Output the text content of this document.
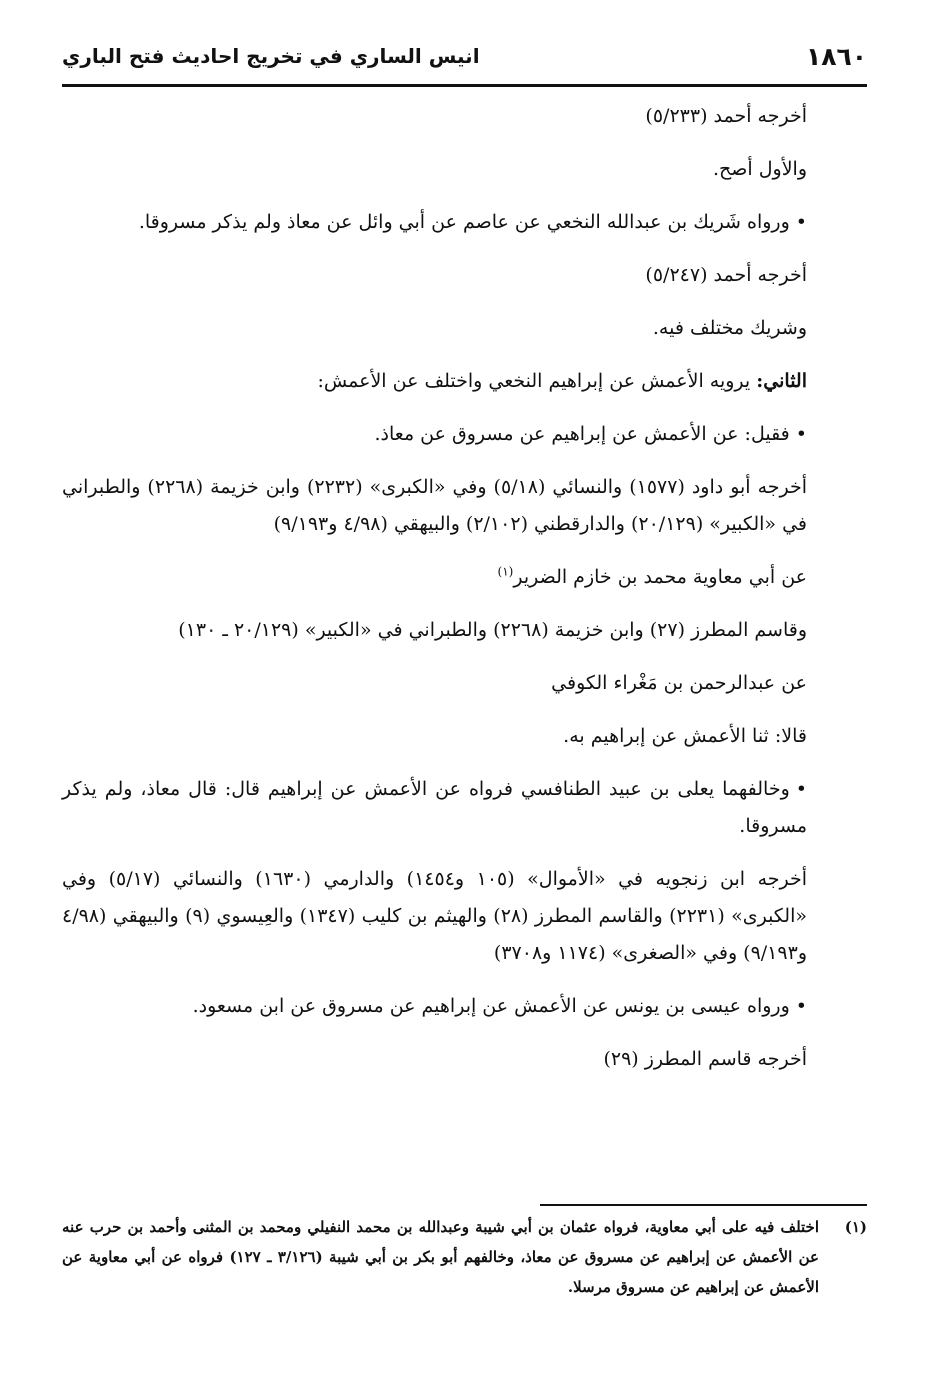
١٨٦٠
انيس الساري في تخريج احاديث فتح الباري

أخرجه أحمد (٥/٢٣٣)

والأول أصح.

•ورواه شَريك بن عبدالله النخعي عن عاصم عن أبي وائل عن معاذ ولم يذكر مسروقا.

أخرجه أحمد (٥/٢٤٧)

وشريك مختلف فيه.

الثاني: يرويه الأعمش عن إبراهيم النخعي واختلف عن الأعمش:

•فقيل: عن الأعمش عن إبراهيم عن مسروق عن معاذ.

أخرجه أبو داود (١٥٧٧) والنسائي (٥/١٨) وفي «الكبرى» (٢٢٣٢) وابن خزيمة (٢٢٦٨) والطبراني في «الكبير» (٢٠/١٢٩) والدارقطني (٢/١٠٢) والبيهقي (٤/٩٨ و٩/١٩٣)

عن أبي معاوية محمد بن خازم الضرير$^{(١)}$

وقاسم المطرز (٢٧) وابن خزيمة (٢٢٦٨) والطبراني في «الكبير» (٢٠/١٢٩ ـ ١٣٠)

عن عبدالرحمن بن مَغْراء الكوفي

قالا: ثنا الأعمش عن إبراهيم به.

•وخالفهما يعلى بن عبيد الطنافسي فرواه عن الأعمش عن إبراهيم قال: قال معاذ، ولم يذكر مسروقا.

أخرجه ابن زنجويه في «الأموال» (١٠٥ و١٤٥٤) والدارمي (١٦٣٠) والنسائي (٥/١٧) وفي «الكبرى» (٢٢٣١) والقاسم المطرز (٢٨) والهيثم بن كليب (١٣٤٧) والعِيسوي (٩) والبيهقي (٤/٩٨ و٩/١٩٣) وفي «الصغرى» (١١٧٤ و٣٧٠٨)

•ورواه عيسى بن يونس عن الأعمش عن إبراهيم عن مسروق عن ابن مسعود.

أخرجه قاسم المطرز (٢٩)

(١)
اختلف فيه على أبي معاوية، فرواه عثمان بن أبي شيبة وعبدالله بن محمد النفيلي ومحمد بن المثنى وأحمد بن حرب عنه عن الأعمش عن إبراهيم عن مسروق عن معاذ، وخالفهم أبو بكر بن أبي شيبة (٣/١٢٦ ـ ١٢٧) فرواه عن أبي معاوية عن الأعمش عن إبراهيم عن مسروق مرسلا.
